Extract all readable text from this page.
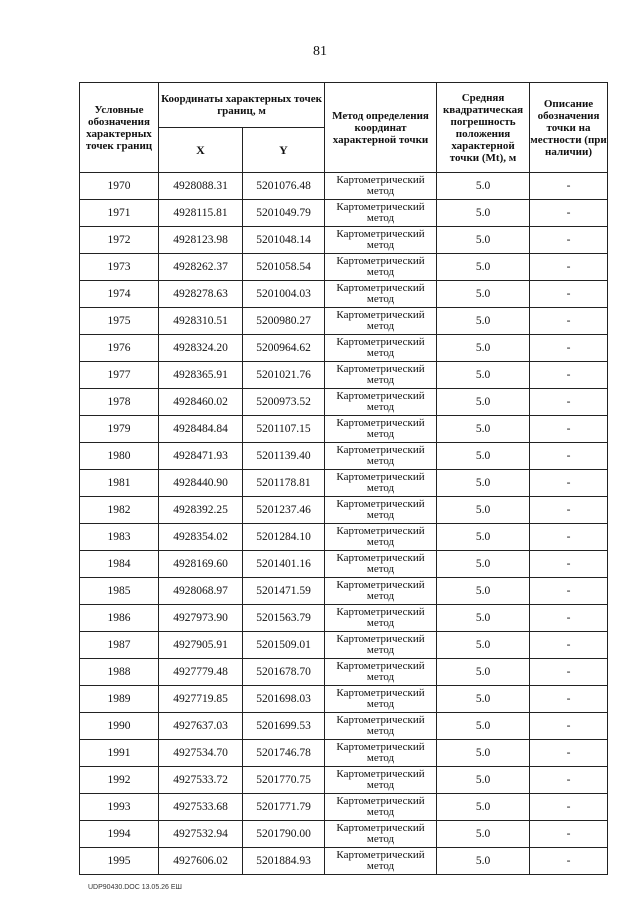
81
Условные обозначения характерных точек границ	Координаты характерных точек границ, м		Метод определения координат характерной точки	Средняя квадратическая погрешность положения характерной точки (Mt), м	Описание обозначения точки на местности (при наличии)
	X	Y			
1970	4928088.31	5201076.48	Картометрический метод	5.0	-
1971	4928115.81	5201049.79	Картометрический метод	5.0	-
1972	4928123.98	5201048.14	Картометрический метод	5.0	-
1973	4928262.37	5201058.54	Картометрический метод	5.0	-
1974	4928278.63	5201004.03	Картометрический метод	5.0	-
1975	4928310.51	5200980.27	Картометрический метод	5.0	-
1976	4928324.20	5200964.62	Картометрический метод	5.0	-
1977	4928365.91	5201021.76	Картометрический метод	5.0	-
1978	4928460.02	5200973.52	Картометрический метод	5.0	-
1979	4928484.84	5201107.15	Картометрический метод	5.0	-
1980	4928471.93	5201139.40	Картометрический метод	5.0	-
1981	4928440.90	5201178.81	Картометрический метод	5.0	-
1982	4928392.25	5201237.46	Картометрический метод	5.0	-
1983	4928354.02	5201284.10	Картометрический метод	5.0	-
1984	4928169.60	5201401.16	Картометрический метод	5.0	-
1985	4928068.97	5201471.59	Картометрический метод	5.0	-
1986	4927973.90	5201563.79	Картометрический метод	5.0	-
1987	4927905.91	5201509.01	Картометрический метод	5.0	-
1988	4927779.48	5201678.70	Картометрический метод	5.0	-
1989	4927719.85	5201698.03	Картометрический метод	5.0	-
1990	4927637.03	5201699.53	Картометрический метод	5.0	-
1991	4927534.70	5201746.78	Картометрический метод	5.0	-
1992	4927533.72	5201770.75	Картометрический метод	5.0	-
1993	4927533.68	5201771.79	Картометрический метод	5.0	-
1994	4927532.94	5201790.00	Картометрический метод	5.0	-
1995	4927606.02	5201884.93	Картометрический метод	5.0	-
UDP90430.DOC 13.05.26 ЕШ
